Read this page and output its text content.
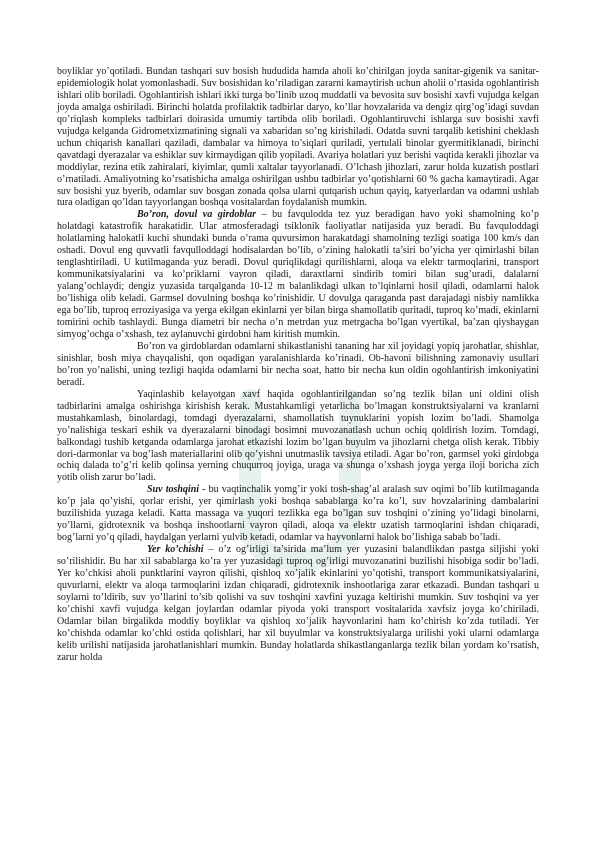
boyliklar yo’qotiladi. Bundan tashqari suv bosish hududida hamda aholi ko’chirilgan joyda sanitar-gigenik va sanitar-epidemiologik holat yomonlashadi. Suv bosishidan ko’riladigan zararni kamaytirish uchun aholii o’rtasida ogohlantirish ishlari olib boriladi. Ogohlantirish ishlari ikki turga bo’linib uzoq muddatli va bevosita suv bosishi xavfi vujudga kelgan joyda amalga oshiriladi. Birinchi holatda profilaktik tadbirlar daryo, ko’llar hovzalarida va dengiz qirg’og’idagi suvdan qo’riqlash kompleks tadbirlari doirasida umumiy tartibda olib boriladi. Ogohlantiruvchi ishlarga suv bosishi xavfi vujudga kelganda Gidrometxizmatining signali va xabaridan so’ng kirishiladi. Odatda suvni tarqalib ketishini cheklash uchun chiqarish kanallari qaziladi, dambalar va himoya to’siqlari quriladi, yertulali binolar gyermitiklanadi, birinchi qavatdagi dyerazalar va eshiklar suv kirmaydigan qilib yopiladi. Avariya holatlari yuz berishi vaqtida kerakli jihozlar va moddiylar, rezina etik zahiralari, kiyimlar, qumli xaltalar tayyorlanadi. O’lchash jihozlari, zarur holda kuzatish postlari o’rnatiladi. Amaliyotning ko’rsatishicha amalga oshirilgan ushbu tadbirlar yo’qotishlarni 60 % gacha kamaytiradi. Agar suv bosishi yuz byerib, odamlar suv bosgan zonada qolsa ularni qutqarish uchun qayiq, katyerlardan va odamni ushlab tura oladigan qo’ldan tayyorlangan boshqa vositalardan foydalanish mumkin.

Bo’ron, dovul va girdoblar – bu favqulodda tez yuz beradigan havo yoki shamolning ko’p holatdagi katastrofik harakatidir. Ular atmosferadagi tsiklonik faoliyatlar natijasida yuz beradi. Bu favquloddagi holatlarning halokatli kuchi shundaki bunda o’rama quvursimon harakatdagi shamolning tezligi soatiga 100 km/s dan oshadi. Dovul eng quvvatli favqulloddagi hodisalardan bo’lib, o’zining halokatli ta’siri bo’yicha yer qimirlashi bilan tenglashtiriladi. U kutilmaganda yuz beradi. Dovul quriqlikdagi qurilishlarni, aloqa va elektr tarmoqlarini, transport kommunikatsiyalarini va ko’priklarni vayron qiladi, daraxtlarni sindirib tomiri bilan sug’uradi, dalalarni yalang’ochlaydi; dengiz yuzasida tarqalganda 10-12 m balanlikdagi ulkan to’lqinlarni hosil qiladi, odamlarni halok bo’lishiga olib keladi. Garmsel dovulning boshqa ko’rinishidir. U dovulga qaraganda past darajadagi nisbiy namlikka ega bo’lib, tuproq erroziyasiga va yerga ekilgan ekinlarni yer bilan birga shamollatib quritadi, tuproq ko’madi, ekinlarni tomirini ochib tashlaydi. Bunga diametri bir necha o’n metrdan yuz metrgacha bo’lgan vyertikal, ba’zan qiyshaygan simyog’ochga o’xshash, tez aylanuvchi girdobni ham kiritish mumkin.

Bo’ron va girdoblardan odamlarni shikastlanishi tananing har xil joyidagi yopiq jarohatlar, shishlar, sinishlar, bosh miya chayqalishi, qon oqadigan yaralanishlarda ko’rinadi. Ob-havoni bilishning zamonaviy usullari bo’ron yo’nalishi, uning tezligi haqida odamlarni bir necha soat, hatto bir necha kun oldin ogohlantirish imkoniyatini beradi.

Yaqinlashib kelayotgan xavf haqida ogohlantirilgandan so’ng tezlik bilan uni oldini olish tadbirlarini amalga oshirishga kirishish kerak. Mustahkamligi yetarlicha bo’lmagan konstruktsiyalarni va kranlarni mustahkamlash, binolardagi, tomdagi dyerazalarni, shamollatish tuynuklarini yopish lozim bo’ladi. Shamolga yo’nalishiga teskari eshik va dyerazalarni binodagi bosimni muvozanatlash uchun ochiq qoldirish lozim. Tomdagi, balkondagi tushib ketganda odamlarga jarohat etkazishi lozim bo’lgan buyulm va jihozlarni chetga olish kerak. Tibbiy dori-darmonlar va bog’lash materiallarini olib qo’yishni unutmaslik tavsiya etiladi. Agar bo’ron, garmsel yoki girdobga ochiq dalada to’g’ri kelib qolinsa yerning chuqurroq joyiga, uraga va shunga o’xshash joyga yerga iloji boricha zich yotib olish zarur bo’ladi.

Suv toshqini - bu vaqtinchalik yomg’ir yoki tosh-shag’al aralash suv oqimi bo’lib kutilmaganda ko’p jala qo’yishi, qorlar erishi, yer qimirlash yoki boshqa sabablarga ko’ra ko’l, suv hovzalarining dambalarini buzilishida yuzaga keladi. Katta massaga va yuqori tezlikka ega bo’lgan suv toshqini o’zining yo’lidagi binolarni, yo’llarni, gidrotexnik va boshqa inshootlarni vayron qiladi, aloqa va elektr uzatish tarmoqlarini ishdan chiqaradi, bog’larni yo’q qiladi, haydalgan yerlarni yulvib ketadi, odamlar va hayvonlarni halok bo’lishiga sabab bo’ladi.

Yer ko’chishi – o’z og’irligi ta’sirida ma’lum yer yuzasini balandlikdan pastga siljishi yoki so’rilishidir. Bu har xil sabablarga ko’ra yer yuzasidagi tuproq og’irligi muvozanatini buzilishi hisobiga sodir bo’ladi. Yer ko’chkisi aholi punktlarini vayron qilishi, qishloq xo’jalik ekinlarini yo’qotishi, transport kommunikatsiyalarini, quvurlarni, elektr va aloqa tarmoqlarini izdan chiqaradi, gidrotexnik inshootlariga zarar etkazadi. Bundan tashqari u soylarni to’ldirib, suv yo’llarini to’sib qolishi va suv toshqini xavfini yuzaga keltirishi mumkin. Suv toshqini va yer ko’chishi xavfi vujudga kelgan joylardan odamlar piyoda yoki transport vositalarida xavfsiz joyga ko’chiriladi. Odamlar bilan birgalikda moddiy boyliklar va qishloq xo’jalik hayvonlarini ham ko’chirish ko’zda tutiladi. Yer ko’chishda odamlar ko’chki ostida qolishlari, har xil buyulmlar va konstruktsiyalarga urilishi yoki ularni odamlarga kelib urilishi natijasida jarohatlanishlari mumkin. Bunday holatlarda shikastlanganlarga tezlik bilan yordam ko’rsatish, zarur holda
